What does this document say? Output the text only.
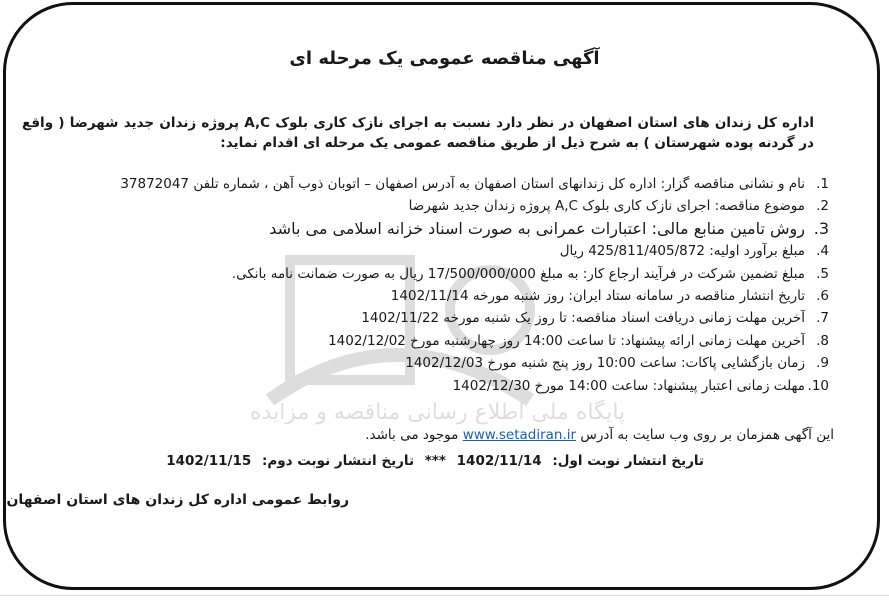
پایگاه ملی اطلاع رسانی مناقصه و مزایده
آگهی مناقصه عمومی یک مرحله ای
اداره کل زندان های استان اصفهان در نظر دارد نسبت به اجرای نازک کاری بلوک A,C پروژه زندان جدید شهرضا ( واقع در گردنه پوده شهرستان ) به شرح ذیل از طریق مناقصه عمومی یک مرحله ای اقدام نماید:
1.
نام و نشانی مناقصه گزار: اداره کل زندانهای استان اصفهان به آدرس اصفهان – اتوبان ذوب آهن ، شماره تلفن 37872047
2.
موضوع مناقصه: اجرای نازک کاری بلوک A,C پروژه زندان جدید شهرضا
3.
روش تامین منابع مالی: اعتبارات عمرانی به صورت اسناد خزانه اسلامی می باشد
4.
مبلغ برآورد اولیه: 425/811/405/872 ریال
5.
مبلغ تضمین شرکت در فرآیند ارجاع کار: به مبلغ 17/500/000/000 ریال به صورت ضمانت نامه بانکی.
6.
تاریخ انتشار مناقصه در سامانه ستاد ایران: روز شنبه مورخه 1402/11/14
7.
آخرین مهلت زمانی دریافت اسناد مناقصه: تا روز یک شنبه مورخه 1402/11/22
8.
آخرین مهلت زمانی ارائه پیشنهاد: تا ساعت 14:00 روز چهارشنبه مورخ 1402/12/02
9.
زمان بازگشایی پاکات: ساعت 10:00 روز پنج شنبه مورخ 1402/12/03
10.
مهلت زمانی اعتبار پیشنهاد: ساعت 14:00 مورخ 1402/12/30
این آگهی همزمان بر روی وب سایت به آدرس www.setadiran.ir موجود می باشد.
تاریخ انتشار نوبت اول: 1402/11/14 *** تاریخ انتشار نوبت دوم: 1402/11/15
روابط عمومی اداره کل زندان های استان اصفهان
